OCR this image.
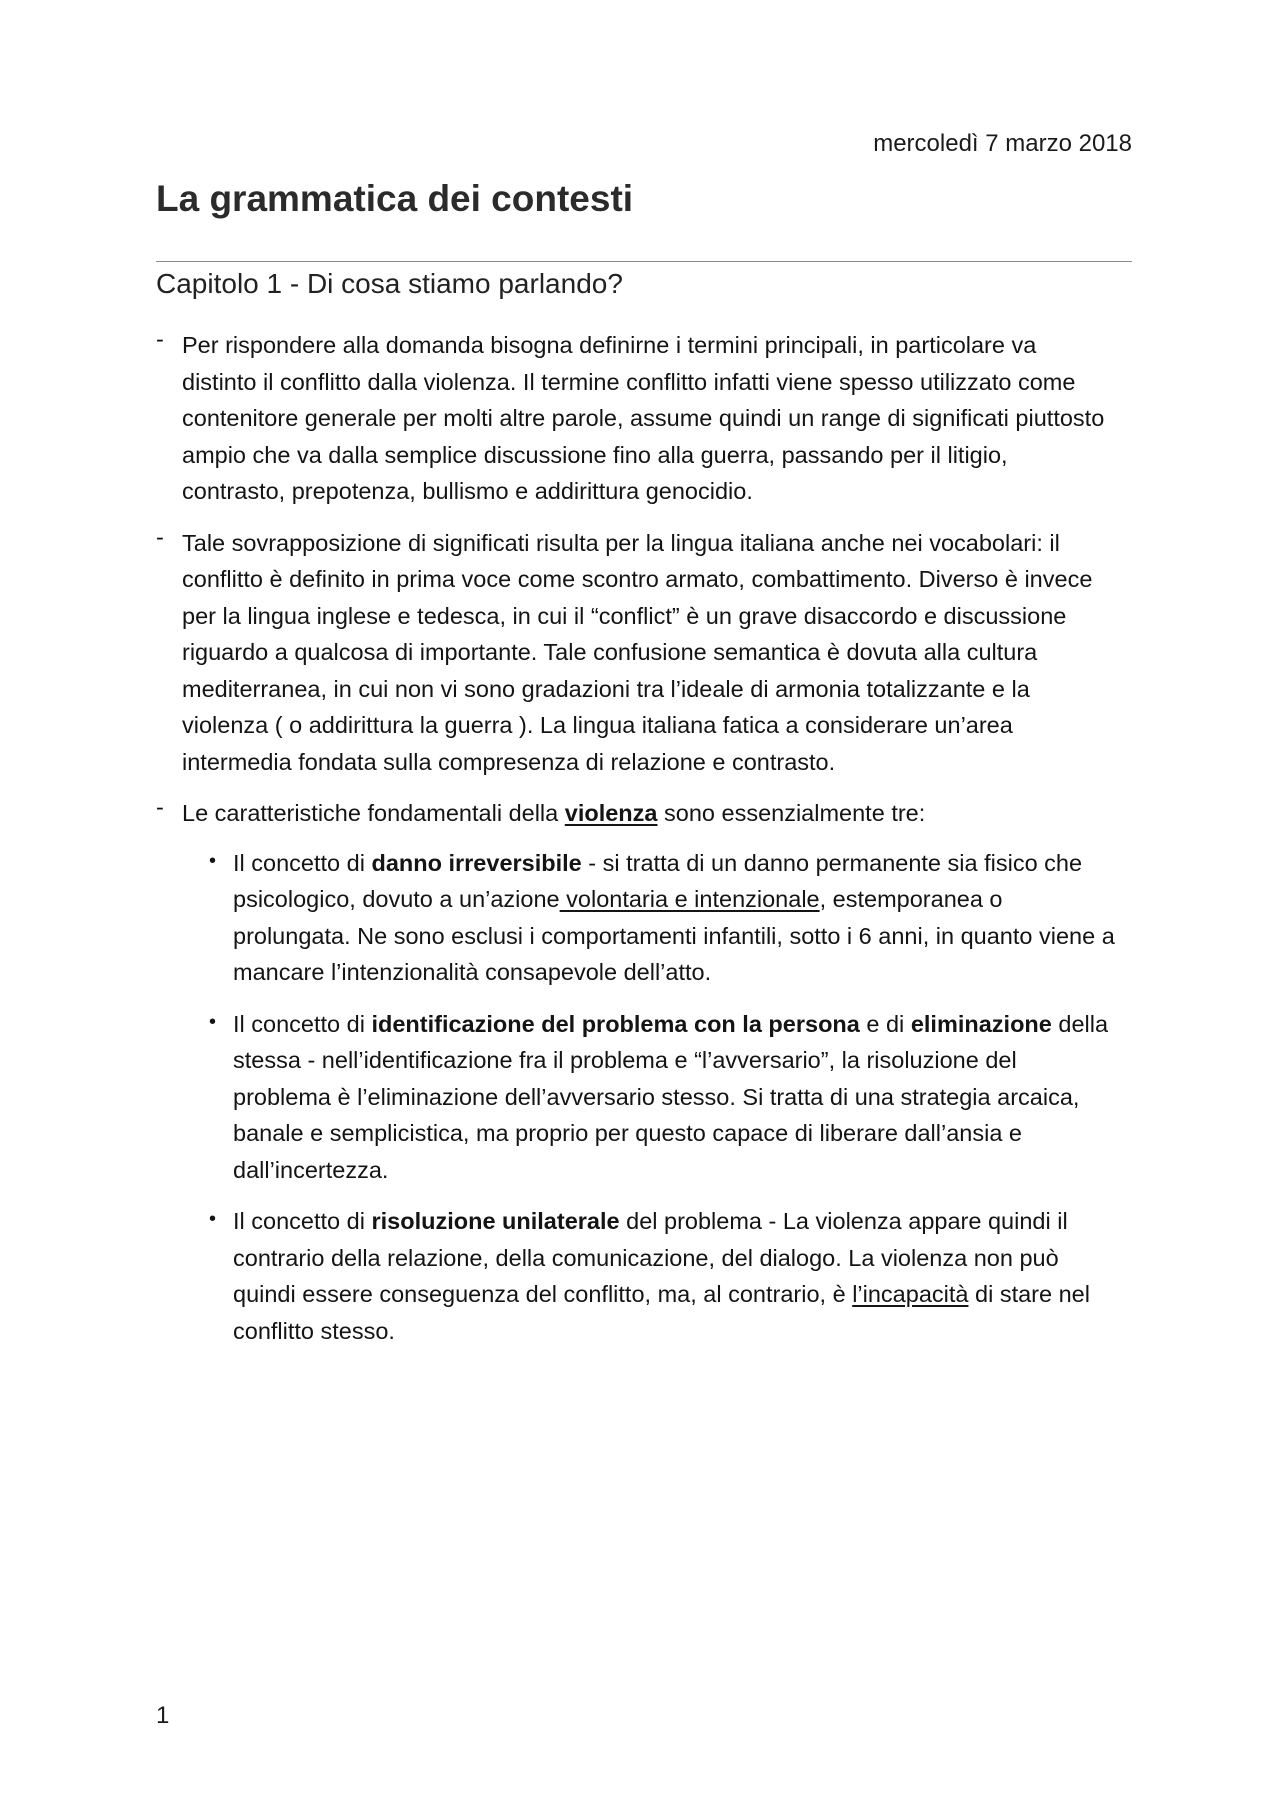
mercoledì 7 marzo 2018
La grammatica dei contesti
Capitolo 1 - Di cosa stiamo parlando?
- Per rispondere alla domanda bisogna definirne i termini principali, in particolare va distinto il conflitto dalla violenza. Il termine conflitto infatti viene spesso utilizzato come contenitore generale per molti altre parole, assume quindi un range di significati piuttosto ampio che va dalla semplice discussione fino alla guerra, passando per il litigio, contrasto, prepotenza, bullismo e addirittura genocidio.
- Tale sovrapposizione di significati risulta per la lingua italiana anche nei vocabolari: il conflitto è definito in prima voce come scontro armato, combattimento. Diverso è invece per la lingua inglese e tedesca, in cui il “conflict” è un grave disaccordo e discussione riguardo a qualcosa di importante. Tale confusione semantica è dovuta alla cultura mediterranea, in cui non vi sono gradazioni tra l’ideale di armonia totalizzante e la violenza ( o addirittura la guerra ). La lingua italiana fatica a considerare un’area intermedia fondata sulla compresenza di relazione e contrasto.
- Le caratteristiche fondamentali della violenza sono essenzialmente tre:
• Il concetto di danno irreversibile - si tratta di un danno permanente sia fisico che psicologico, dovuto a un’azione volontaria e intenzionale, estemporanea o prolungata. Ne sono esclusi i comportamenti infantili, sotto i 6 anni, in quanto viene a mancare l’intenzionalità consapevole dell’atto.
• Il concetto di identificazione del problema con la persona e di eliminazione della stessa - nell’identificazione fra il problema e “l’avversario”, la risoluzione del problema è l’eliminazione dell’avversario stesso. Si tratta di una strategia arcaica, banale e semplicistica, ma proprio per questo capace di liberare dall’ansia e dall’incertezza.
• Il concetto di risoluzione unilaterale del problema - La violenza appare quindi il contrario della relazione, della comunicazione, del dialogo. La violenza non può quindi essere conseguenza del conflitto, ma, al contrario, è l’incapacità di stare nel conflitto stesso.
1
